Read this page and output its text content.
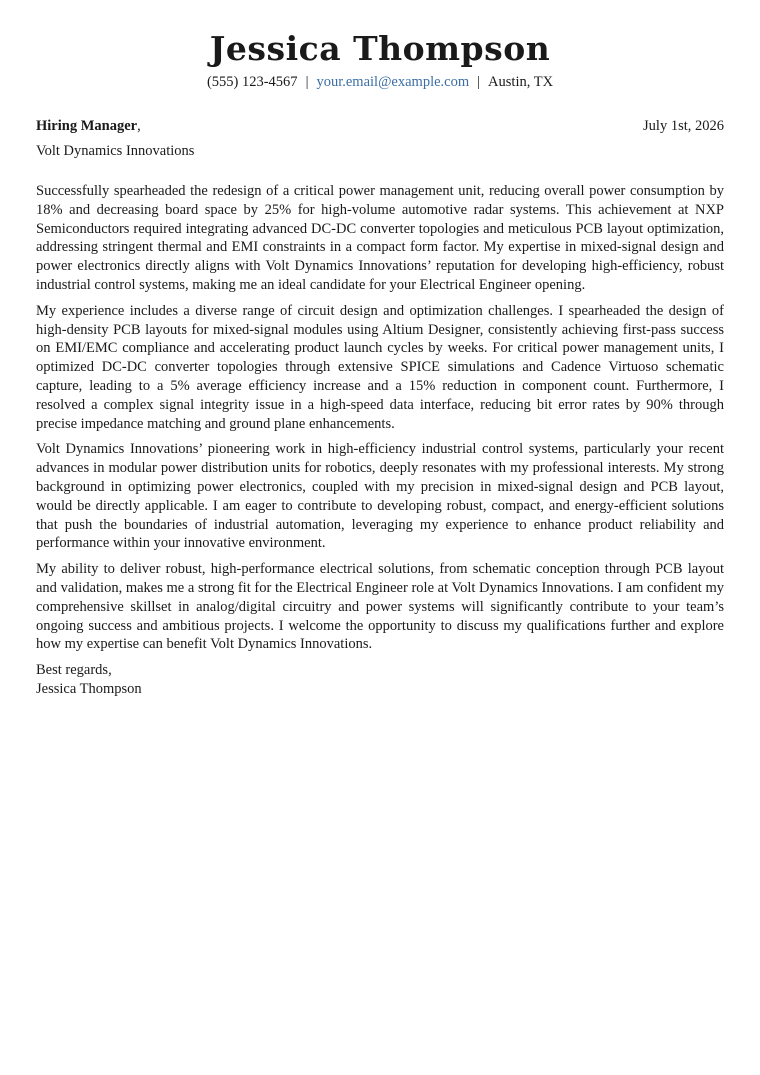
Jessica Thompson
(555) 123-4567 | your.email@example.com | Austin, TX
Hiring Manager,	July 1st, 2026
Volt Dynamics Innovations

Successfully spearheaded the redesign of a critical power management unit, reducing overall power consumption by 18% and decreasing board space by 25% for high-volume automotive radar systems. This achievement at NXP Semiconductors required integrating advanced DC-DC converter topologies and meticulous PCB layout optimization, addressing stringent thermal and EMI constraints in a compact form factor. My expertise in mixed-signal design and power electronics directly aligns with Volt Dynamics Innovations’ reputation for developing high-efficiency, robust industrial control systems, making me an ideal candidate for your Electrical Engineer opening.

My experience includes a diverse range of circuit design and optimization challenges. I spearheaded the design of high-density PCB layouts for mixed-signal modules using Altium Designer, consistently achieving first-pass success on EMI/EMC compliance and accelerating product launch cycles by weeks. For critical power management units, I optimized DC-DC converter topologies through extensive SPICE simulations and Cadence Virtuoso schematic capture, leading to a 5% average efficiency increase and a 15% reduction in component count. Furthermore, I resolved a complex signal integrity issue in a high-speed data interface, reducing bit error rates by 90% through precise impedance matching and ground plane enhancements.

Volt Dynamics Innovations’ pioneering work in high-efficiency industrial control systems, particularly your recent advances in modular power distribution units for robotics, deeply resonates with my professional interests. My strong background in optimizing power electronics, coupled with my precision in mixed-signal design and PCB layout, would be directly applicable. I am eager to contribute to developing robust, compact, and energy-efficient solutions that push the boundaries of industrial automation, leveraging my experience to enhance product reliability and performance within your innovative environment.

My ability to deliver robust, high-performance electrical solutions, from schematic conception through PCB layout and validation, makes me a strong fit for the Electrical Engineer role at Volt Dynamics Innovations. I am confident my comprehensive skillset in analog/digital circuitry and power systems will significantly contribute to your team’s ongoing success and ambitious projects. I welcome the opportunity to discuss my qualifications further and explore how my expertise can benefit Volt Dynamics Innovations.

Best regards,
Jessica Thompson
